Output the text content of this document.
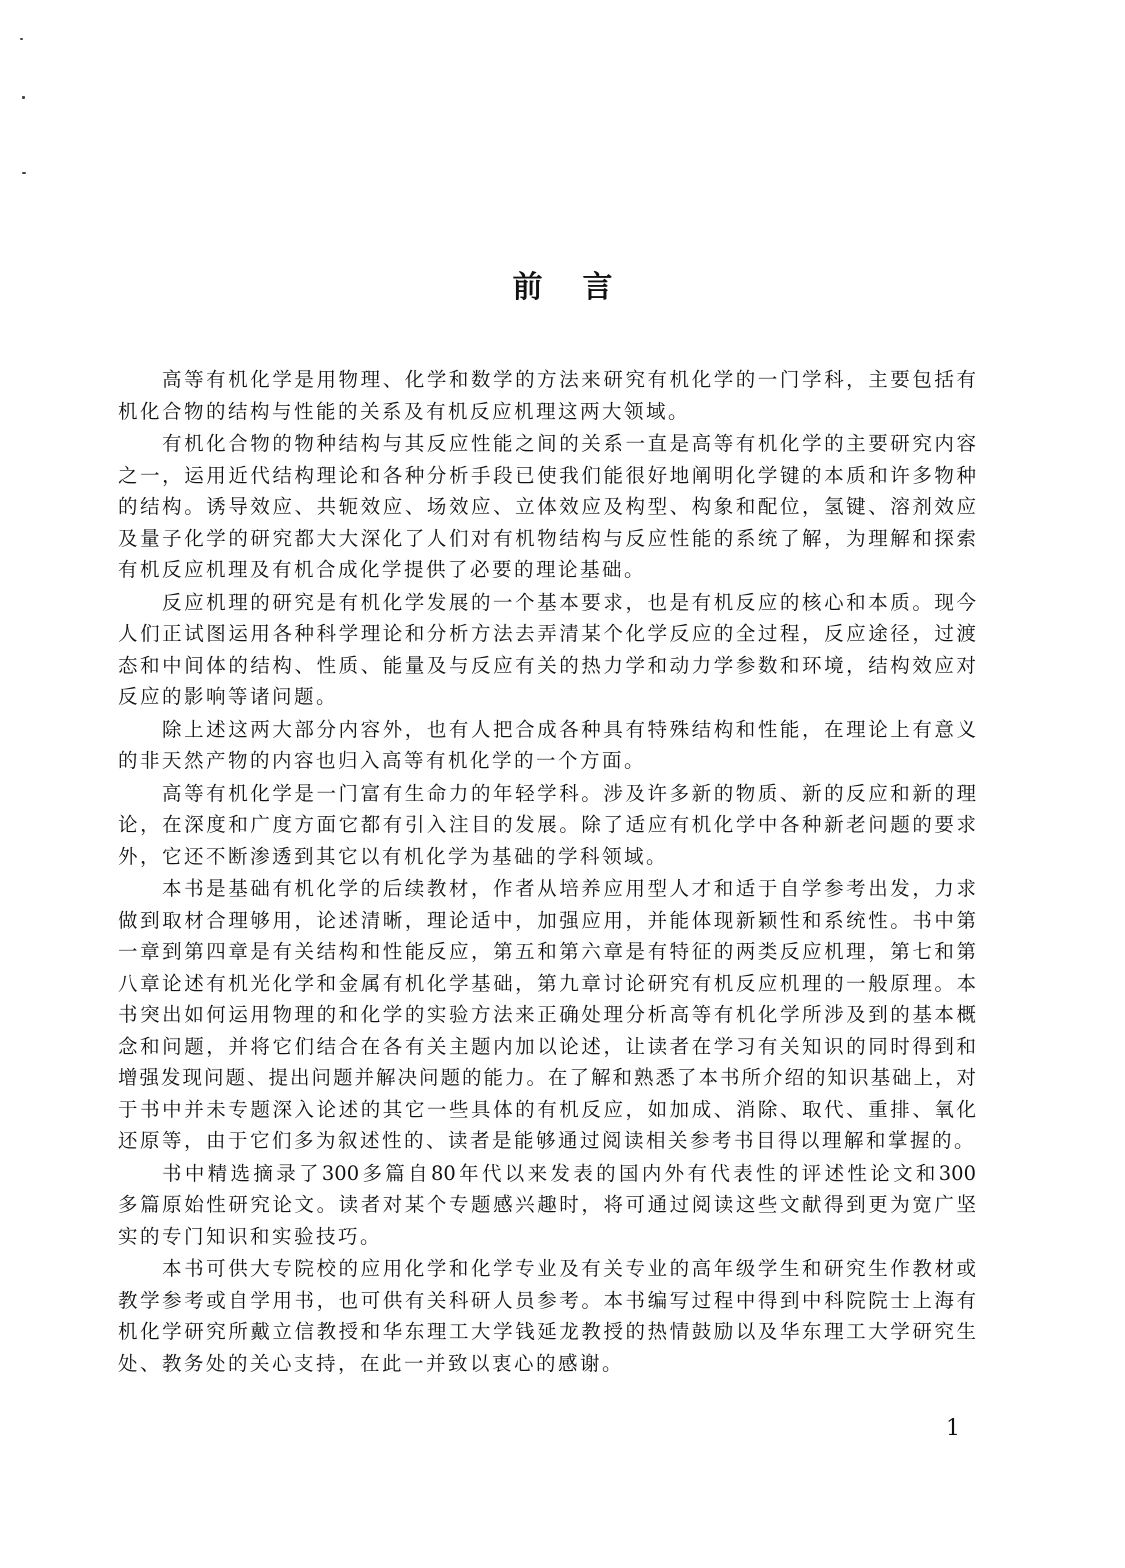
前言
高等有机化学是用物理、化学和数学的方法来研究有机化学的一门学科，主要包括有
机化合物的结构与性能的关系及有机反应机理这两大领域。
有机化合物的物种结构与其反应性能之间的关系一直是高等有机化学的主要研究内容
之一，运用近代结构理论和各种分析手段已使我们能很好地阐明化学键的本质和许多物种
的结构。诱导效应、共轭效应、场效应、立体效应及构型、构象和配位，氢键、溶剂效应
及量子化学的研究都大大深化了人们对有机物结构与反应性能的系统了解，为理解和探索
有机反应机理及有机合成化学提供了必要的理论基础。
反应机理的研究是有机化学发展的一个基本要求，也是有机反应的核心和本质。现今
人们正试图运用各种科学理论和分析方法去弄清某个化学反应的全过程，反应途径，过渡
态和中间体的结构、性质、能量及与反应有关的热力学和动力学参数和环境，结构效应对
反应的影响等诸问题。
除上述这两大部分内容外，也有人把合成各种具有特殊结构和性能，在理论上有意义
的非天然产物的内容也归入高等有机化学的一个方面。
高等有机化学是一门富有生命力的年轻学科。涉及许多新的物质、新的反应和新的理
论，在深度和广度方面它都有引入注目的发展。除了适应有机化学中各种新老问题的要求
外，它还不断渗透到其它以有机化学为基础的学科领域。
本书是基础有机化学的后续教材，作者从培养应用型人才和适于自学参考出发，力求
做到取材合理够用，论述清晰，理论适中，加强应用，并能体现新颖性和系统性。书中第
一章到第四章是有关结构和性能反应，第五和第六章是有特征的两类反应机理，第七和第
八章论述有机光化学和金属有机化学基础，第九章讨论研究有机反应机理的一般原理。本
书突出如何运用物理的和化学的实验方法来正确处理分析高等有机化学所涉及到的基本概
念和问题，并将它们结合在各有关主题内加以论述，让读者在学习有关知识的同时得到和
增强发现问题、提出问题并解决问题的能力。在了解和熟悉了本书所介绍的知识基础上，对
于书中并未专题深入论述的其它一些具体的有机反应，如加成、消除、取代、重排、氧化
还原等，由于它们多为叙述性的、读者是能够通过阅读相关参考书目得以理解和掌握的。
书中精选摘录了300多篇自80年代以来发表的国内外有代表性的评述性论文和300
多篇原始性研究论文。读者对某个专题感兴趣时，将可通过阅读这些文献得到更为宽广坚
实的专门知识和实验技巧。
本书可供大专院校的应用化学和化学专业及有关专业的高年级学生和研究生作教材或
教学参考或自学用书，也可供有关科研人员参考。本书编写过程中得到中科院院士上海有
机化学研究所戴立信教授和华东理工大学钱延龙教授的热情鼓励以及华东理工大学研究生
处、教务处的关心支持，在此一并致以衷心的感谢。
1
